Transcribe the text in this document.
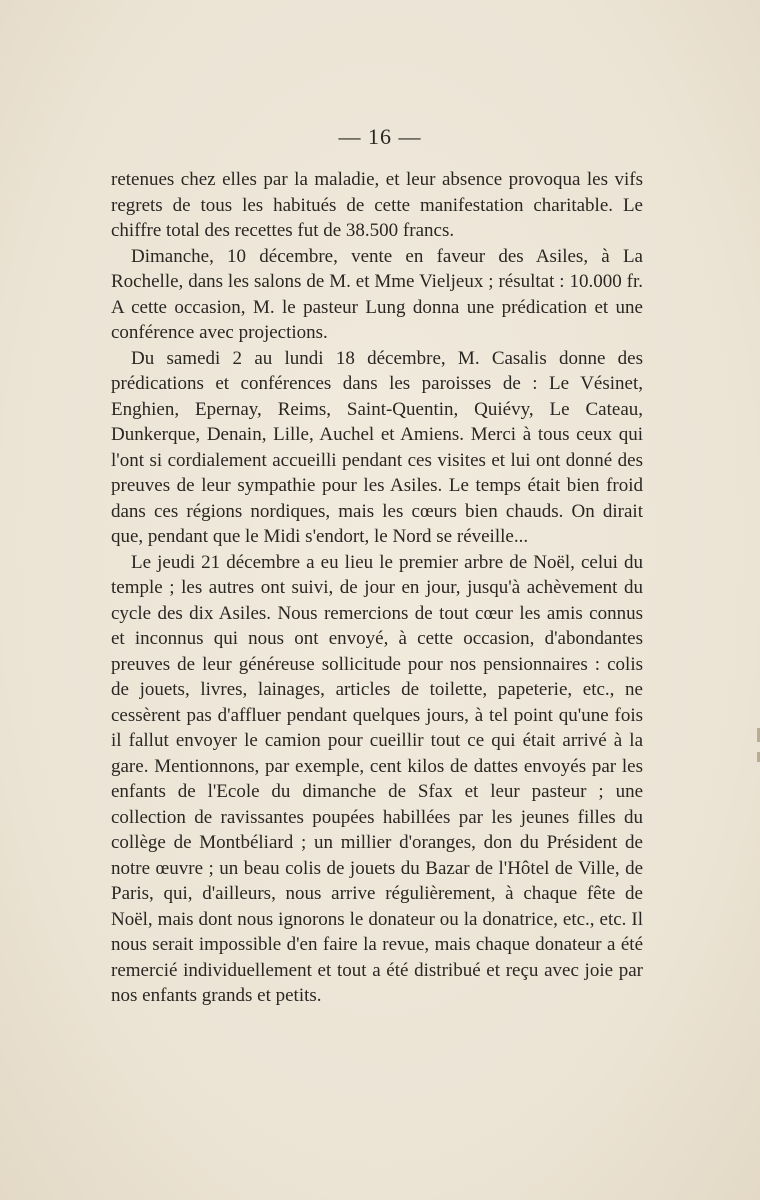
— 16 —

retenues chez elles par la maladie, et leur absence provoqua les vifs regrets de tous les habitués de cette manifestation charitable. Le chiffre total des recettes fut de 38.500 francs.

Dimanche, 10 décembre, vente en faveur des Asiles, à La Rochelle, dans les salons de M. et Mme Vieljeux ; résultat : 10.000 fr. A cette occasion, M. le pasteur Lung donna une prédication et une conférence avec projections.

Du samedi 2 au lundi 18 décembre, M. Casalis donne des prédications et conférences dans les paroisses de : Le Vésinet, Enghien, Epernay, Reims, Saint-Quentin, Quiévy, Le Cateau, Dunkerque, Denain, Lille, Auchel et Amiens. Merci à tous ceux qui l'ont si cordialement accueilli pendant ces visites et lui ont donné des preuves de leur sympathie pour les Asiles. Le temps était bien froid dans ces régions nordiques, mais les cœurs bien chauds. On dirait que, pendant que le Midi s'endort, le Nord se réveille...

Le jeudi 21 décembre a eu lieu le premier arbre de Noël, celui du temple ; les autres ont suivi, de jour en jour, jusqu'à achèvement du cycle des dix Asiles. Nous remercions de tout cœur les amis connus et inconnus qui nous ont envoyé, à cette occasion, d'abondantes preuves de leur généreuse sollicitude pour nos pensionnaires : colis de jouets, livres, lainages, articles de toilette, papeterie, etc., ne cessèrent pas d'affluer pendant quelques jours, à tel point qu'une fois il fallut envoyer le camion pour cueillir tout ce qui était arrivé à la gare. Mentionnons, par exemple, cent kilos de dattes envoyés par les enfants de l'Ecole du dimanche de Sfax et leur pasteur ; une collection de ravissantes poupées habillées par les jeunes filles du collège de Montbéliard ; un millier d'oranges, don du Président de notre œuvre ; un beau colis de jouets du Bazar de l'Hôtel de Ville, de Paris, qui, d'ailleurs, nous arrive régulièrement, à chaque fête de Noël, mais dont nous ignorons le donateur ou la donatrice, etc., etc. Il nous serait impossible d'en faire la revue, mais chaque donateur a été remercié individuellement et tout a été distribué et reçu avec joie par nos enfants grands et petits.
